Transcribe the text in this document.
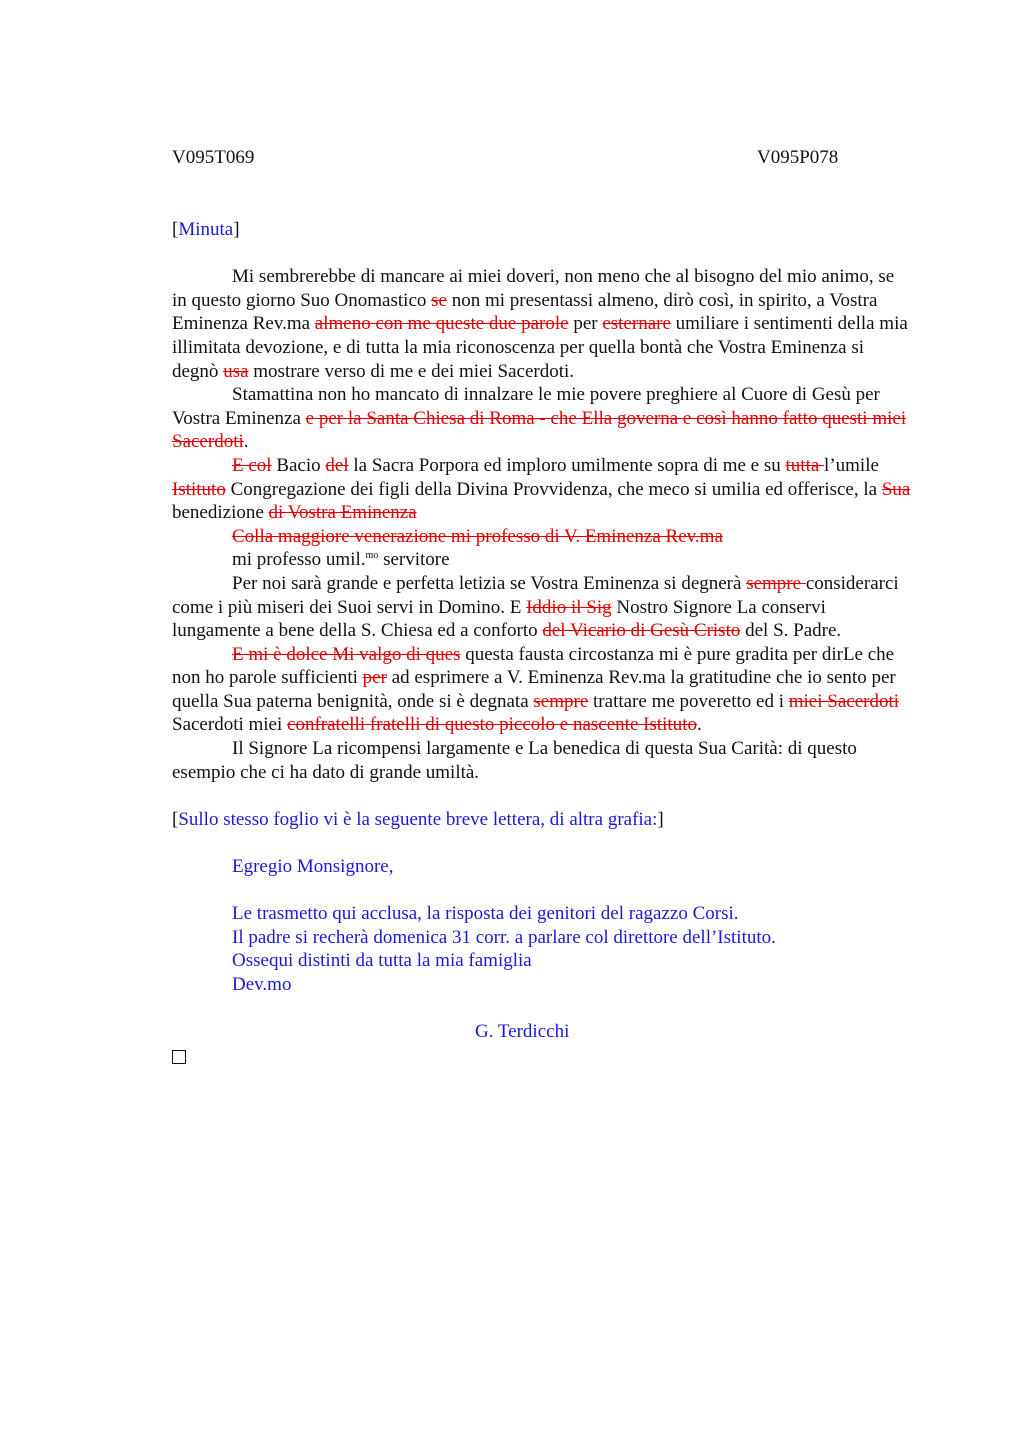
V095T069	V095P078

[Minuta]

Mi sembrerebbe di mancare ai miei doveri, non meno che al bisogno del mio animo, se in questo giorno Suo Onomastico se non mi presentassi almeno, dirò così, in spirito, a Vostra Eminenza Rev.ma almeno con me queste due parole per esternare umiliare i sentimenti della mia illimitata devozione, e di tutta la mia riconoscenza per quella bontà che Vostra Eminenza si degnò usa mostrare verso di me e dei miei Sacerdoti.

Stamattina non ho mancato di innalzare le mie povere preghiere al Cuore di Gesù per Vostra Eminenza e per la Santa Chiesa di Roma - che Ella governa e così hanno fatto questi miei Sacerdoti.

E col Bacio del la Sacra Porpora ed imploro umilmente sopra di me e su tutta l’umile Istituto Congregazione dei figli della Divina Provvidenza, che meco si umilia ed offerisce, la Sua benedizione di Vostra Eminenza

Colla maggiore venerazione mi professo di V. Eminenza Rev.ma

mi professo umil.$^{mo}$ servitore

Per noi sarà grande e perfetta letizia se Vostra Eminenza si degnerà sempre considerarci come i più miseri dei Suoi servi in Domino. E Iddio il Sig Nostro Signore La conservi lungamente a bene della S. Chiesa ed a conforto del Vicario di Gesù Cristo del S. Padre.

E mi è dolce Mi valgo di ques questa fausta circostanza mi è pure gradita per dirLe che non ho parole sufficienti per ad esprimere a V. Eminenza Rev.ma la gratitudine che io sento per quella Sua paterna benignità, onde si è degnata sempre trattare me poveretto ed i miei Sacerdoti Sacerdoti miei confratelli fratelli di questo piccolo e nascente Istituto.

Il Signore La ricompensi largamente e La benedica di questa Sua Carità: di questo esempio che ci ha dato di grande umiltà.

[Sullo stesso foglio vi è la seguente breve lettera, di altra grafia:]

Egregio Monsignore,

Le trasmetto qui acclusa, la risposta dei genitori del ragazzo Corsi.

Il padre si recherà domenica 31 corr. a parlare col direttore dell’Istituto.

Ossequi distinti da tutta la mia famiglia

Dev.mo

G. Terdicchi
